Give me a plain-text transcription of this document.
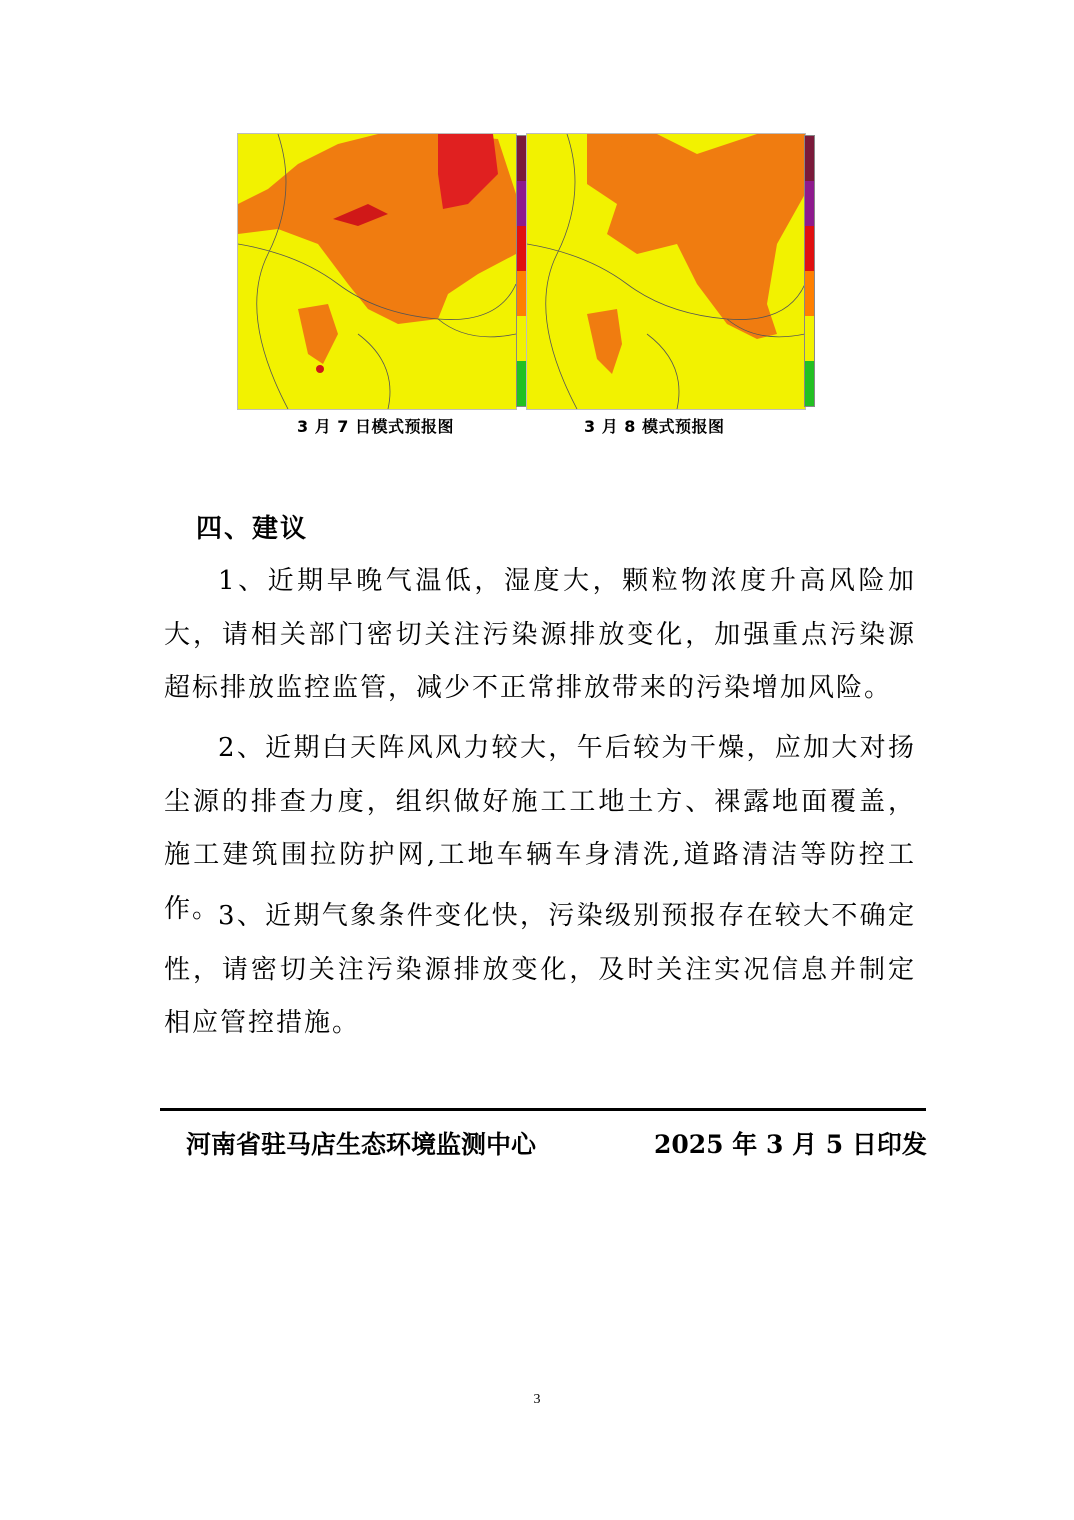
3 月 7 日模式预报图	3 月 8 模式预报图
四、建议
1、近期早晚气温低，湿度大，颗粒物浓度升高风险加大，请相关部门密切关注污染源排放变化，加强重点污染源超标排放监控监管，减少不正常排放带来的污染增加风险。
2、近期白天阵风风力较大，午后较为干燥，应加大对扬尘源的排查力度，组织做好施工工地土方、裸露地面覆盖，施工建筑围拉防护网,工地车辆车身清洗,道路清洁等防控工作。
3、近期气象条件变化快，污染级别预报存在较大不确定性，请密切关注污染源排放变化，及时关注实况信息并制定相应管控措施。
河南省驻马店生态环境监测中心	2025 年 3 月 5 日印发
3
